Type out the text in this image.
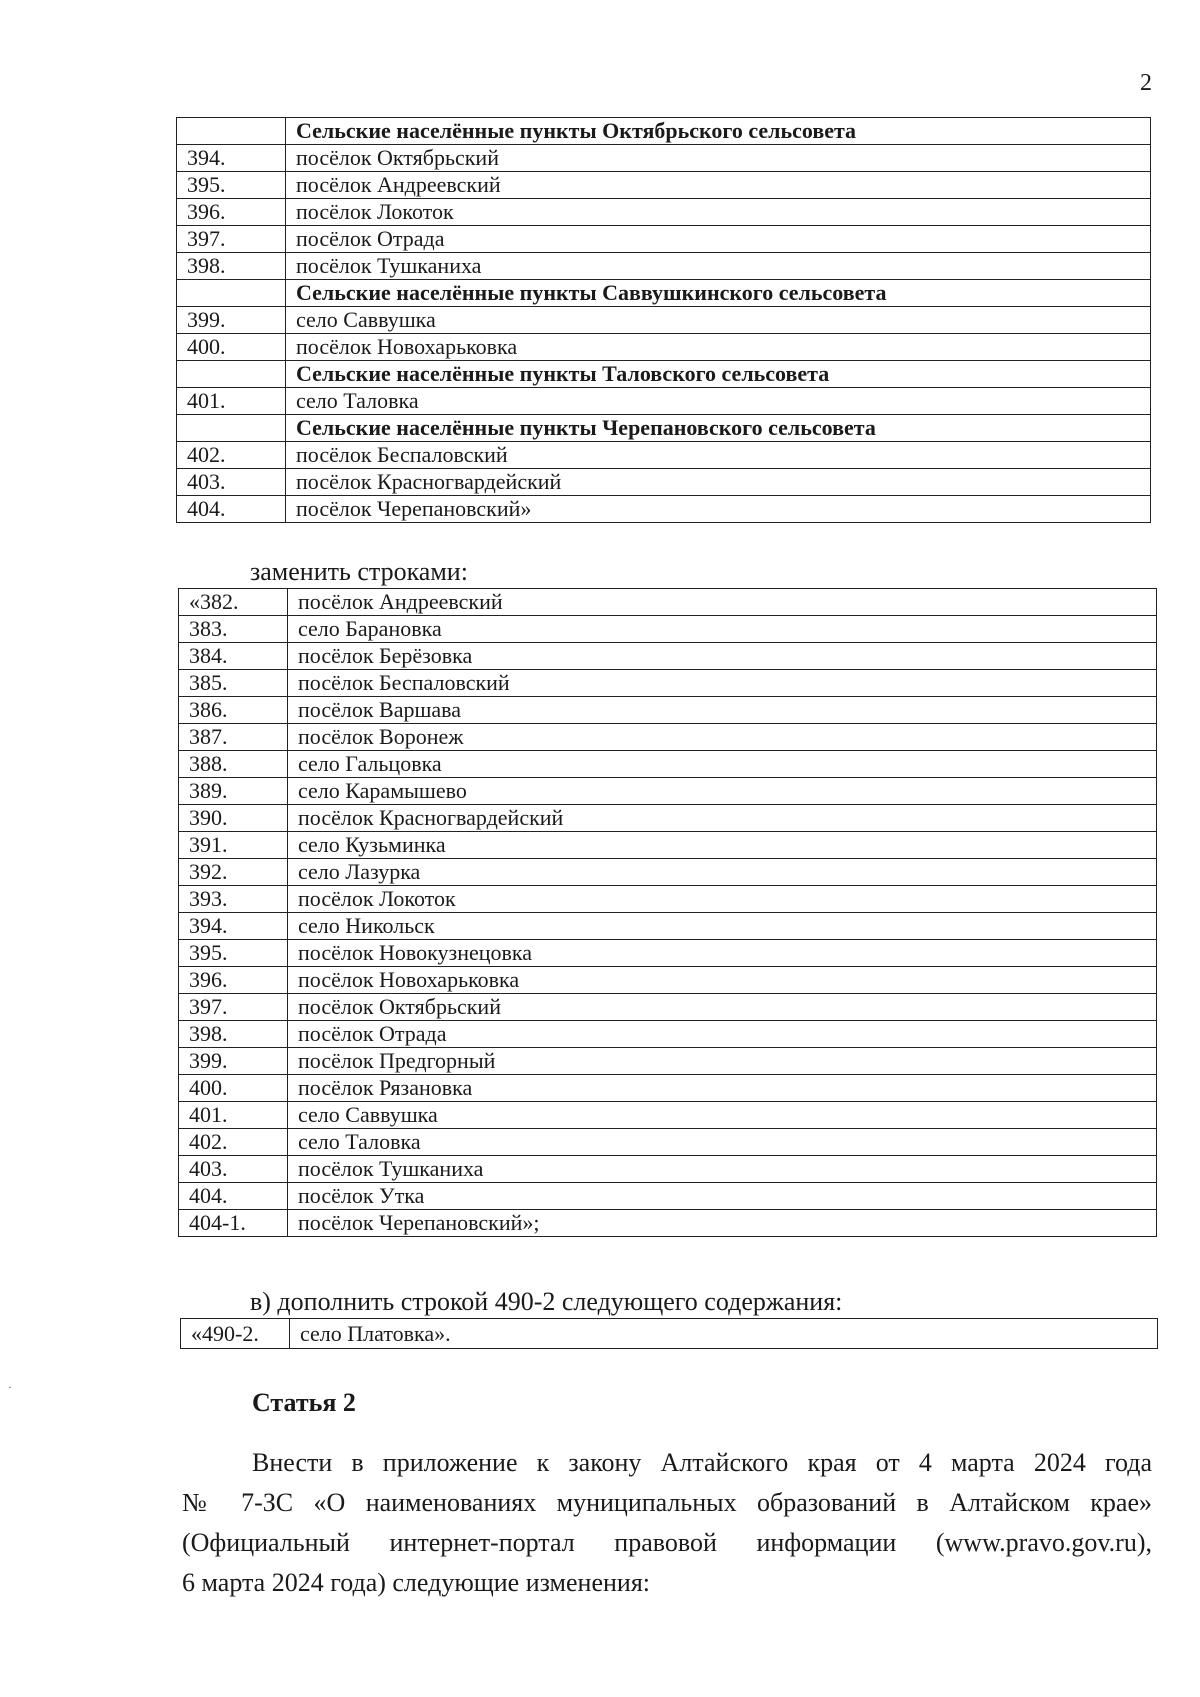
2
	Сельские населённые пункты Октябрьского сельсовета
394.	посёлок Октябрьский
395.	посёлок Андреевский
396.	посёлок Локоток
397.	посёлок Отрада
398.	посёлок Тушканиха
	Сельские населённые пункты Саввушкинского сельсовета
399.	село Саввушка
400.	посёлок Новохарьковка
	Сельские населённые пункты Таловского сельсовета
401.	село Таловка
	Сельские населённые пункты Черепановского сельсовета
402.	посёлок Беспаловский
403.	посёлок Красногвардейский
404.	посёлок Черепановский»
заменить строками:
«382.	посёлок Андреевский
383.	село Барановка
384.	посёлок Берёзовка
385.	посёлок Беспаловский
386.	посёлок Варшава
387.	посёлок Воронеж
388.	село Гальцовка
389.	село Карамышево
390.	посёлок Красногвардейский
391.	село Кузьминка
392.	село Лазурка
393.	посёлок Локоток
394.	село Никольск
395.	посёлок Новокузнецовка
396.	посёлок Новохарьковка
397.	посёлок Октябрьский
398.	посёлок Отрада
399.	посёлок Предгорный
400.	посёлок Рязановка
401.	село Саввушка
402.	село Таловка
403.	посёлок Тушканиха
404.	посёлок Утка
404-1.	посёлок Черепановский»;
в) дополнить строкой 490-2 следующего содержания:
«490-2.	село Платовка».
·
Статья 2
Внести в приложение к закону Алтайского края от 4 марта 2024 года
№ 7-ЗС «О наименованиях муниципальных образований в Алтайском крае»
(Официальный интернет-портал правовой информации (www.pravo.gov.ru),
6 марта 2024 года) следующие изменения:
